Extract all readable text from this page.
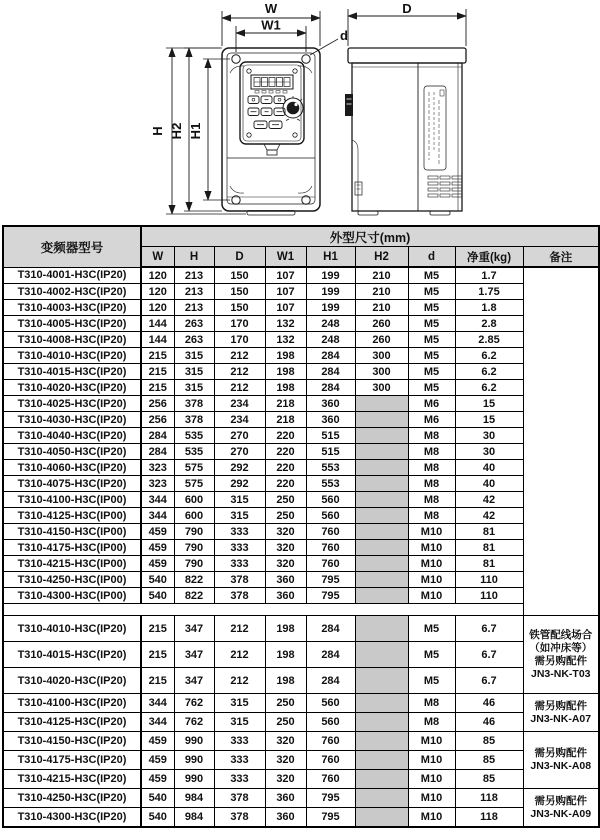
W
W1
d
D
H H2 H1
变频器型号	外型尺寸(mm)								
	W	H	D	W1	H1	H2	d	净重(kg)	备注
T310-4001-H3C(IP20)	120	213	150	107	199	210	M5	1.7	
T310-4002-H3C(IP20)	120	213	150	107	199	210	M5	1.75	
T310-4003-H3C(IP20)	120	213	150	107	199	210	M5	1.8	
T310-4005-H3C(IP20)	144	263	170	132	248	260	M5	2.8	
T310-4008-H3C(IP20)	144	263	170	132	248	260	M5	2.85	
T310-4010-H3C(IP20)	215	315	212	198	284	300	M5	6.2	
T310-4015-H3C(IP20)	215	315	212	198	284	300	M5	6.2	
T310-4020-H3C(IP20)	215	315	212	198	284	300	M5	6.2	
T310-4025-H3C(IP20)	256	378	234	218	360		M6	15	
T310-4030-H3C(IP20)	256	378	234	218	360		M6	15	
T310-4040-H3C(IP20)	284	535	270	220	515		M8	30	
T310-4050-H3C(IP20)	284	535	270	220	515		M8	30	
T310-4060-H3C(IP20)	323	575	292	220	553		M8	40	
T310-4075-H3C(IP20)	323	575	292	220	553		M8	40	
T310-4100-H3C(IP00)	344	600	315	250	560		M8	42	
T310-4125-H3C(IP00)	344	600	315	250	560		M8	42	
T310-4150-H3C(IP00)	459	790	333	320	760		M10	81	
T310-4175-H3C(IP00)	459	790	333	320	760		M10	81	
T310-4215-H3C(IP00)	459	790	333	320	760		M10	81	
T310-4250-H3C(IP00)	540	822	378	360	795		M10	110	
T310-4300-H3C(IP00)	540	822	378	360	795		M10	110	

T310-4010-H3C(IP20)	215	347	212	198	284		M5	6.7	铁管配线场合
（如冲床等）
需另购配件
JN3-NK-T03

T310-4015-H3C(IP20)	215	347	212	198	284		M5	6.7	
T310-4020-H3C(IP20)	215	347	212	198	284		M5	6.7	
T310-4100-H3C(IP20)	344	762	315	250	560		M8	46	需另购配件
JN3-NK-A07

T310-4125-H3C(IP20)	344	762	315	250	560		M8	46	
T310-4150-H3C(IP20)	459	990	333	320	760		M10	85	需另购配件
JN3-NK-A08

T310-4175-H3C(IP20)	459	990	333	320	760		M10	85	
T310-4215-H3C(IP20)	459	990	333	320	760		M10	85	
T310-4250-H3C(IP20)	540	984	378	360	795		M10	118	需另购配件
JN3-NK-A09

T310-4300-H3C(IP20)	540	984	378	360	795		M10	118	
